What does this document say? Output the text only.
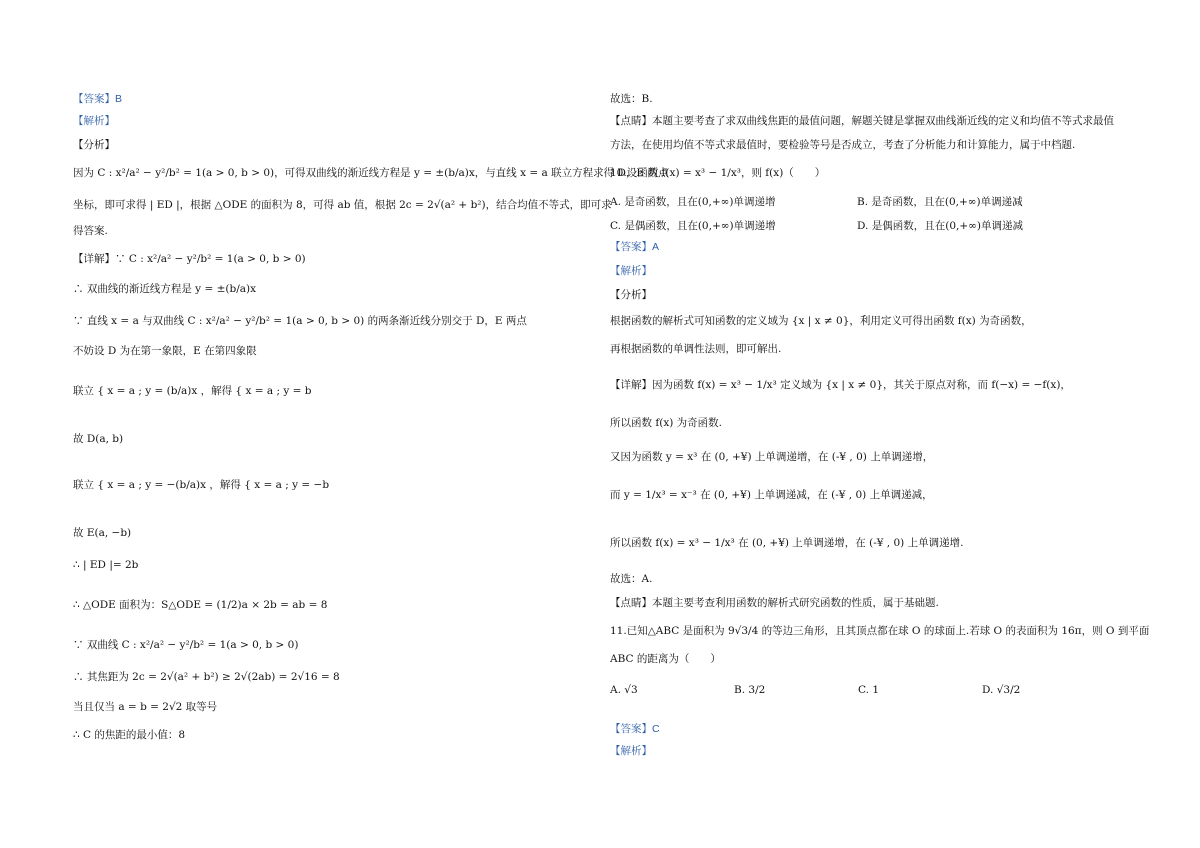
【答案】B
【解析】
【分析】
因为 C : x²/a² − y²/b² = 1(a > 0, b > 0)，可得双曲线的渐近线方程是 y = ±(b/a)x，与直线 x = a 联立方程求得 D，E 两点
坐标，即可求得 | ED |，根据 △ODE 的面积为 8，可得 ab 值，根据 2c = 2√(a² + b²)，结合均值不等式，即可求
得答案.
【详解】∵ C : x²/a² − y²/b² = 1(a > 0, b > 0)
∴ 双曲线的渐近线方程是 y = ±(b/a)x
∵ 直线 x = a 与双曲线 C : x²/a² − y²/b² = 1(a > 0, b > 0) 的两条渐近线分别交于 D，E 两点
不妨设 D 为在第一象限，E 在第四象限
联立 { x = a ; y = (b/a)x ，解得 { x = a ; y = b
故 D(a, b)
联立 { x = a ; y = −(b/a)x ，解得 { x = a ; y = −b
故 E(a, −b)
∴ | ED |= 2b
∴ △ODE 面积为：S△ODE = (1/2)a × 2b = ab = 8
∵ 双曲线 C : x²/a² − y²/b² = 1(a > 0, b > 0)
∴ 其焦距为 2c = 2√(a² + b²) ≥ 2√(2ab) = 2√16 = 8
当且仅当 a = b = 2√2 取等号
∴ C 的焦距的最小值：8
故选：B.
【点睛】本题主要考查了求双曲线焦距的最值问题，解题关键是掌握双曲线渐近线的定义和均值不等式求最值
方法，在使用均值不等式求最值时，要检验等号是否成立，考查了分析能力和计算能力，属于中档题.
10.设函数 f(x) = x³ − 1/x³，则 f(x)（　　）
A. 是奇函数，且在(0,+∞)单调递增	B. 是奇函数，且在(0,+∞)单调递减
C. 是偶函数，且在(0,+∞)单调递增	D. 是偶函数，且在(0,+∞)单调递减
【答案】A
【解析】
【分析】
根据函数的解析式可知函数的定义域为 {x | x ≠ 0}，利用定义可得出函数 f(x) 为奇函数，
再根据函数的单调性法则，即可解出.
【详解】因为函数 f(x) = x³ − 1/x³ 定义域为 {x | x ≠ 0}，其关于原点对称，而 f(−x) = −f(x)，
所以函数 f(x) 为奇函数.
又因为函数 y = x³ 在 (0, +¥) 上单调递增，在 (-¥ , 0) 上单调递增，
而 y = 1/x³ = x⁻³ 在 (0, +¥) 上单调递减，在 (-¥ , 0) 上单调递减，
所以函数 f(x) = x³ − 1/x³ 在 (0, +¥) 上单调递增，在 (-¥ , 0) 上单调递增.
故选：A.
【点睛】本题主要考查利用函数的解析式研究函数的性质，属于基础题.
11.已知△ABC 是面积为 9√3/4 的等边三角形，且其顶点都在球 O 的球面上.若球 O 的表面积为 16π，则 O 到平面
ABC 的距离为（　　）
A. √3	B. 3/2	C. 1	D. √3/2
【答案】C
【解析】
